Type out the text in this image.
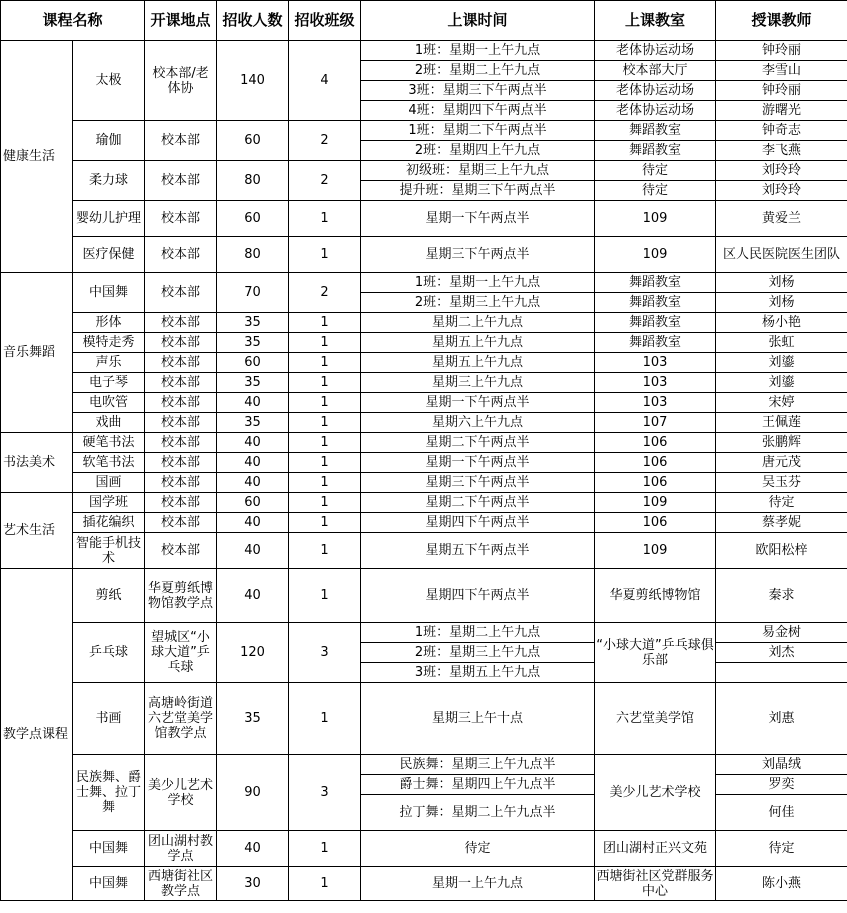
课程名称		开课地点	招收人数	招收班级	上课时间	上课教室	授课教师
健康生活	太极	校本部/老体协	140	4	1班：星期一上午九点	老体协运动场	钟玲丽
					2班：星期二上午九点	校本部大厅	李雪山
					3班：星期三下午两点半	老体协运动场	钟玲丽
					4班：星期四下午两点半	老体协运动场	游曙光
	瑜伽	校本部	60	2	1班：星期二下午两点半	舞蹈教室	钟奇志
					2班：星期四上午九点	舞蹈教室	李飞燕
	柔力球	校本部	80	2	初级班：星期三上午九点	待定	刘玲玲
					提升班：星期三下午两点半	待定	刘玲玲
	婴幼儿护理	校本部	60	1	星期一下午两点半	109	黄爱兰
	医疗保健	校本部	80	1	星期三下午两点半	109	区人民医院医生团队
音乐舞蹈	中国舞	校本部	70	2	1班：星期一上午九点	舞蹈教室	刘杨
					2班：星期三上午九点	舞蹈教室	刘杨
	形体	校本部	35	1	星期二上午九点	舞蹈教室	杨小艳
	模特走秀	校本部	35	1	星期五上午九点	舞蹈教室	张虹
	声乐	校本部	60	1	星期五上午九点	103	刘鎏
	电子琴	校本部	35	1	星期三上午九点	103	刘鎏
	电吹管	校本部	40	1	星期一下午两点半	103	宋婷
	戏曲	校本部	35	1	星期六上午九点	107	王佩莲
书法美术	硬笔书法	校本部	40	1	星期二下午两点半	106	张鹏辉
	软笔书法	校本部	40	1	星期一下午两点半	106	唐元茂
	国画	校本部	40	1	星期三下午两点半	106	吴玉芬
艺术生活	国学班	校本部	60	1	星期二下午两点半	109	待定
	插花编织	校本部	40	1	星期四下午两点半	106	蔡孝妮
	智能手机技术	校本部	40	1	星期五下午两点半	109	欧阳松梓
教学点课程	剪纸	华夏剪纸博物馆教学点	40	1	星期四下午两点半	华夏剪纸博物馆	秦求
	乒乓球	望城区“小球大道”乒乓球	120	3	1班：星期二上午九点	“小球大道”乒乓球俱乐部	易金树
					2班：星期三上午九点		刘杰
					3班：星期五上午九点		
	书画	高塘岭街道六艺堂美学馆教学点	35	1	星期三上午十点	六艺堂美学馆	刘惠
	民族舞、爵士舞、拉丁舞	美少儿艺术学校	90	3	民族舞：星期三上午九点半	美少儿艺术学校	刘晶绒
					爵士舞：星期四上午九点半		罗奕
					拉丁舞：星期二上午九点半		何佳
	中国舞	团山湖村教学点	40	1	待定	团山湖村正兴文苑	待定
	中国舞	西塘街社区教学点	30	1	星期一上午九点	西塘街社区党群服务中心	陈小燕
